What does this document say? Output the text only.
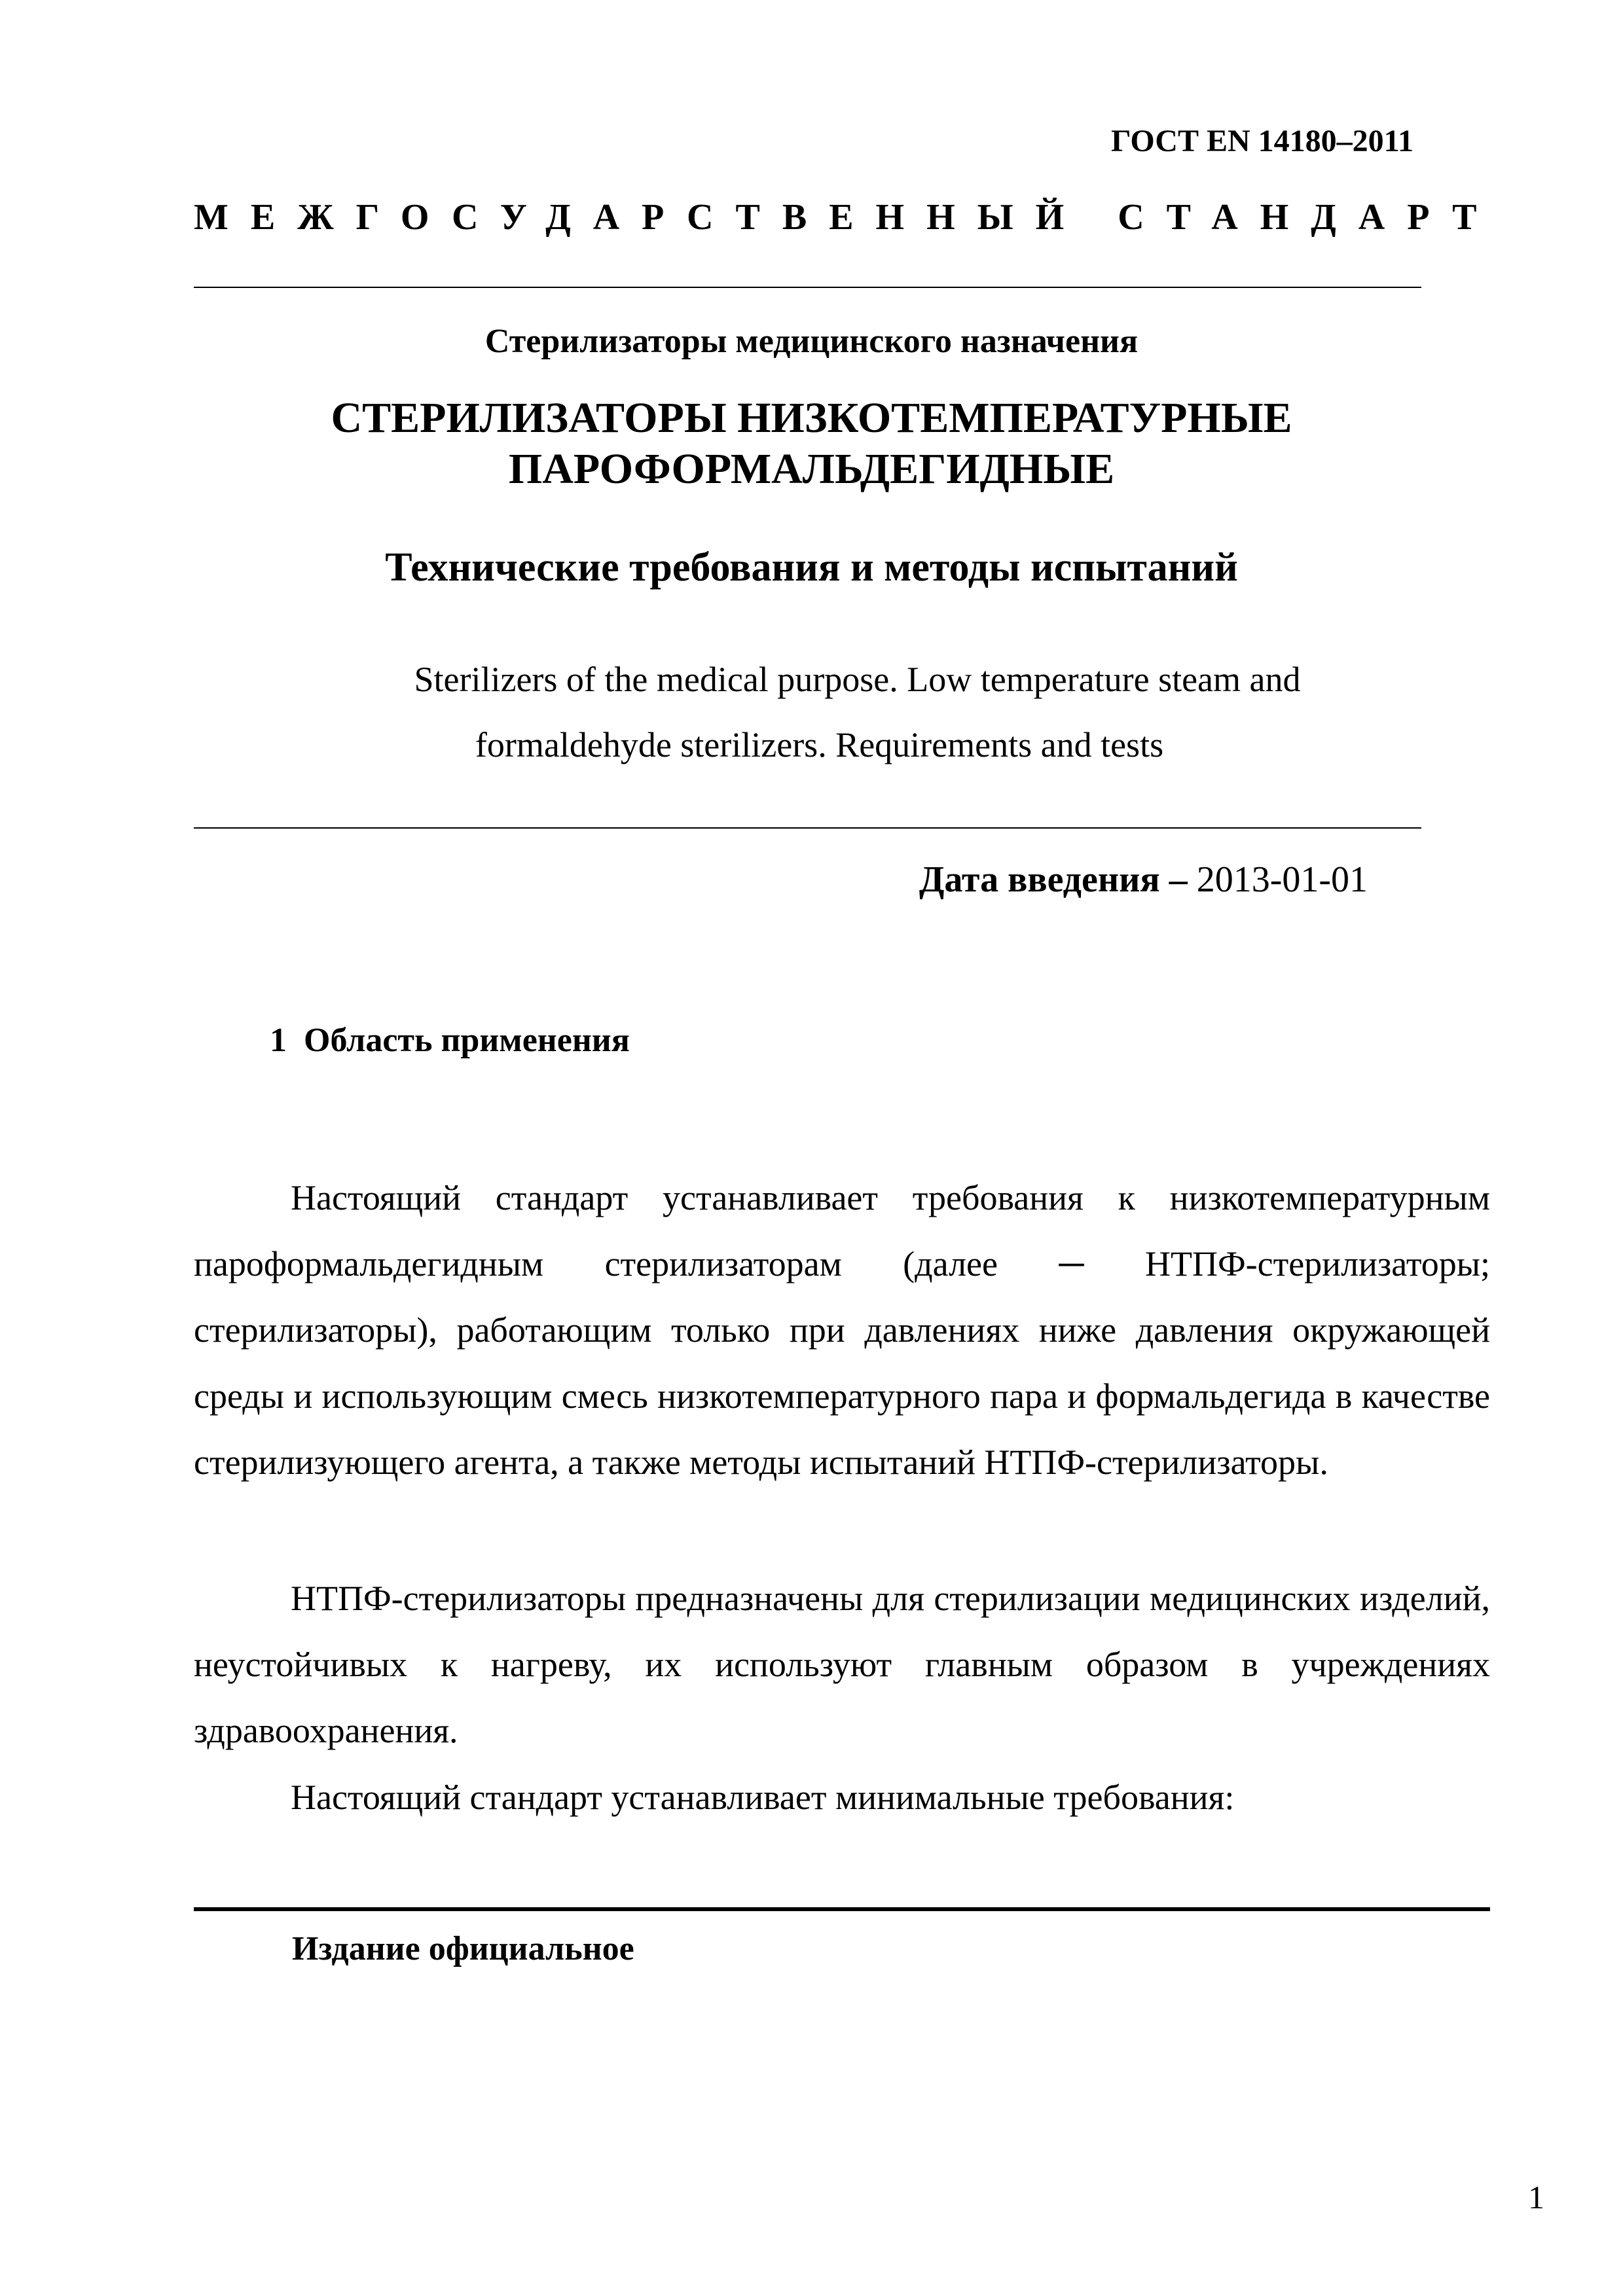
ГОСТ EN 14180–2011
МЕЖГОСУДАРСТВЕННЫЙ СТАНДАРТ
Стерилизаторы медицинского назначения
СТЕРИЛИЗАТОРЫ НИЗКОТЕМПЕРАТУРНЫЕ
ПАРОФОРМАЛЬДЕГИДНЫЕ
Технические требования и методы испытаний
Sterilizers of the medical purpose. Low temperature steam and
formaldehyde sterilizers. Requirements and tests
Дата введения – 2013-01-01
1 Область применения

Настоящий стандарт устанавливает требования к низкотемпературным пароформальдегидным стерилизаторам (далее ─ НТПФ-стерилизаторы; стерилизаторы), работающим только при давлениях ниже давления окружающей среды и использующим смесь низкотемпературного пара и формальдегида в качестве стерилизующего агента, а также методы испытаний НТПФ-стерилизаторы.

НТПФ-стерилизаторы предназначены для стерилизации медицинских изделий, неустойчивых к нагреву, их используют главным образом в учреждениях здравоохранения.

Настоящий стандарт устанавливает минимальные требования:

Издание официальное
1
